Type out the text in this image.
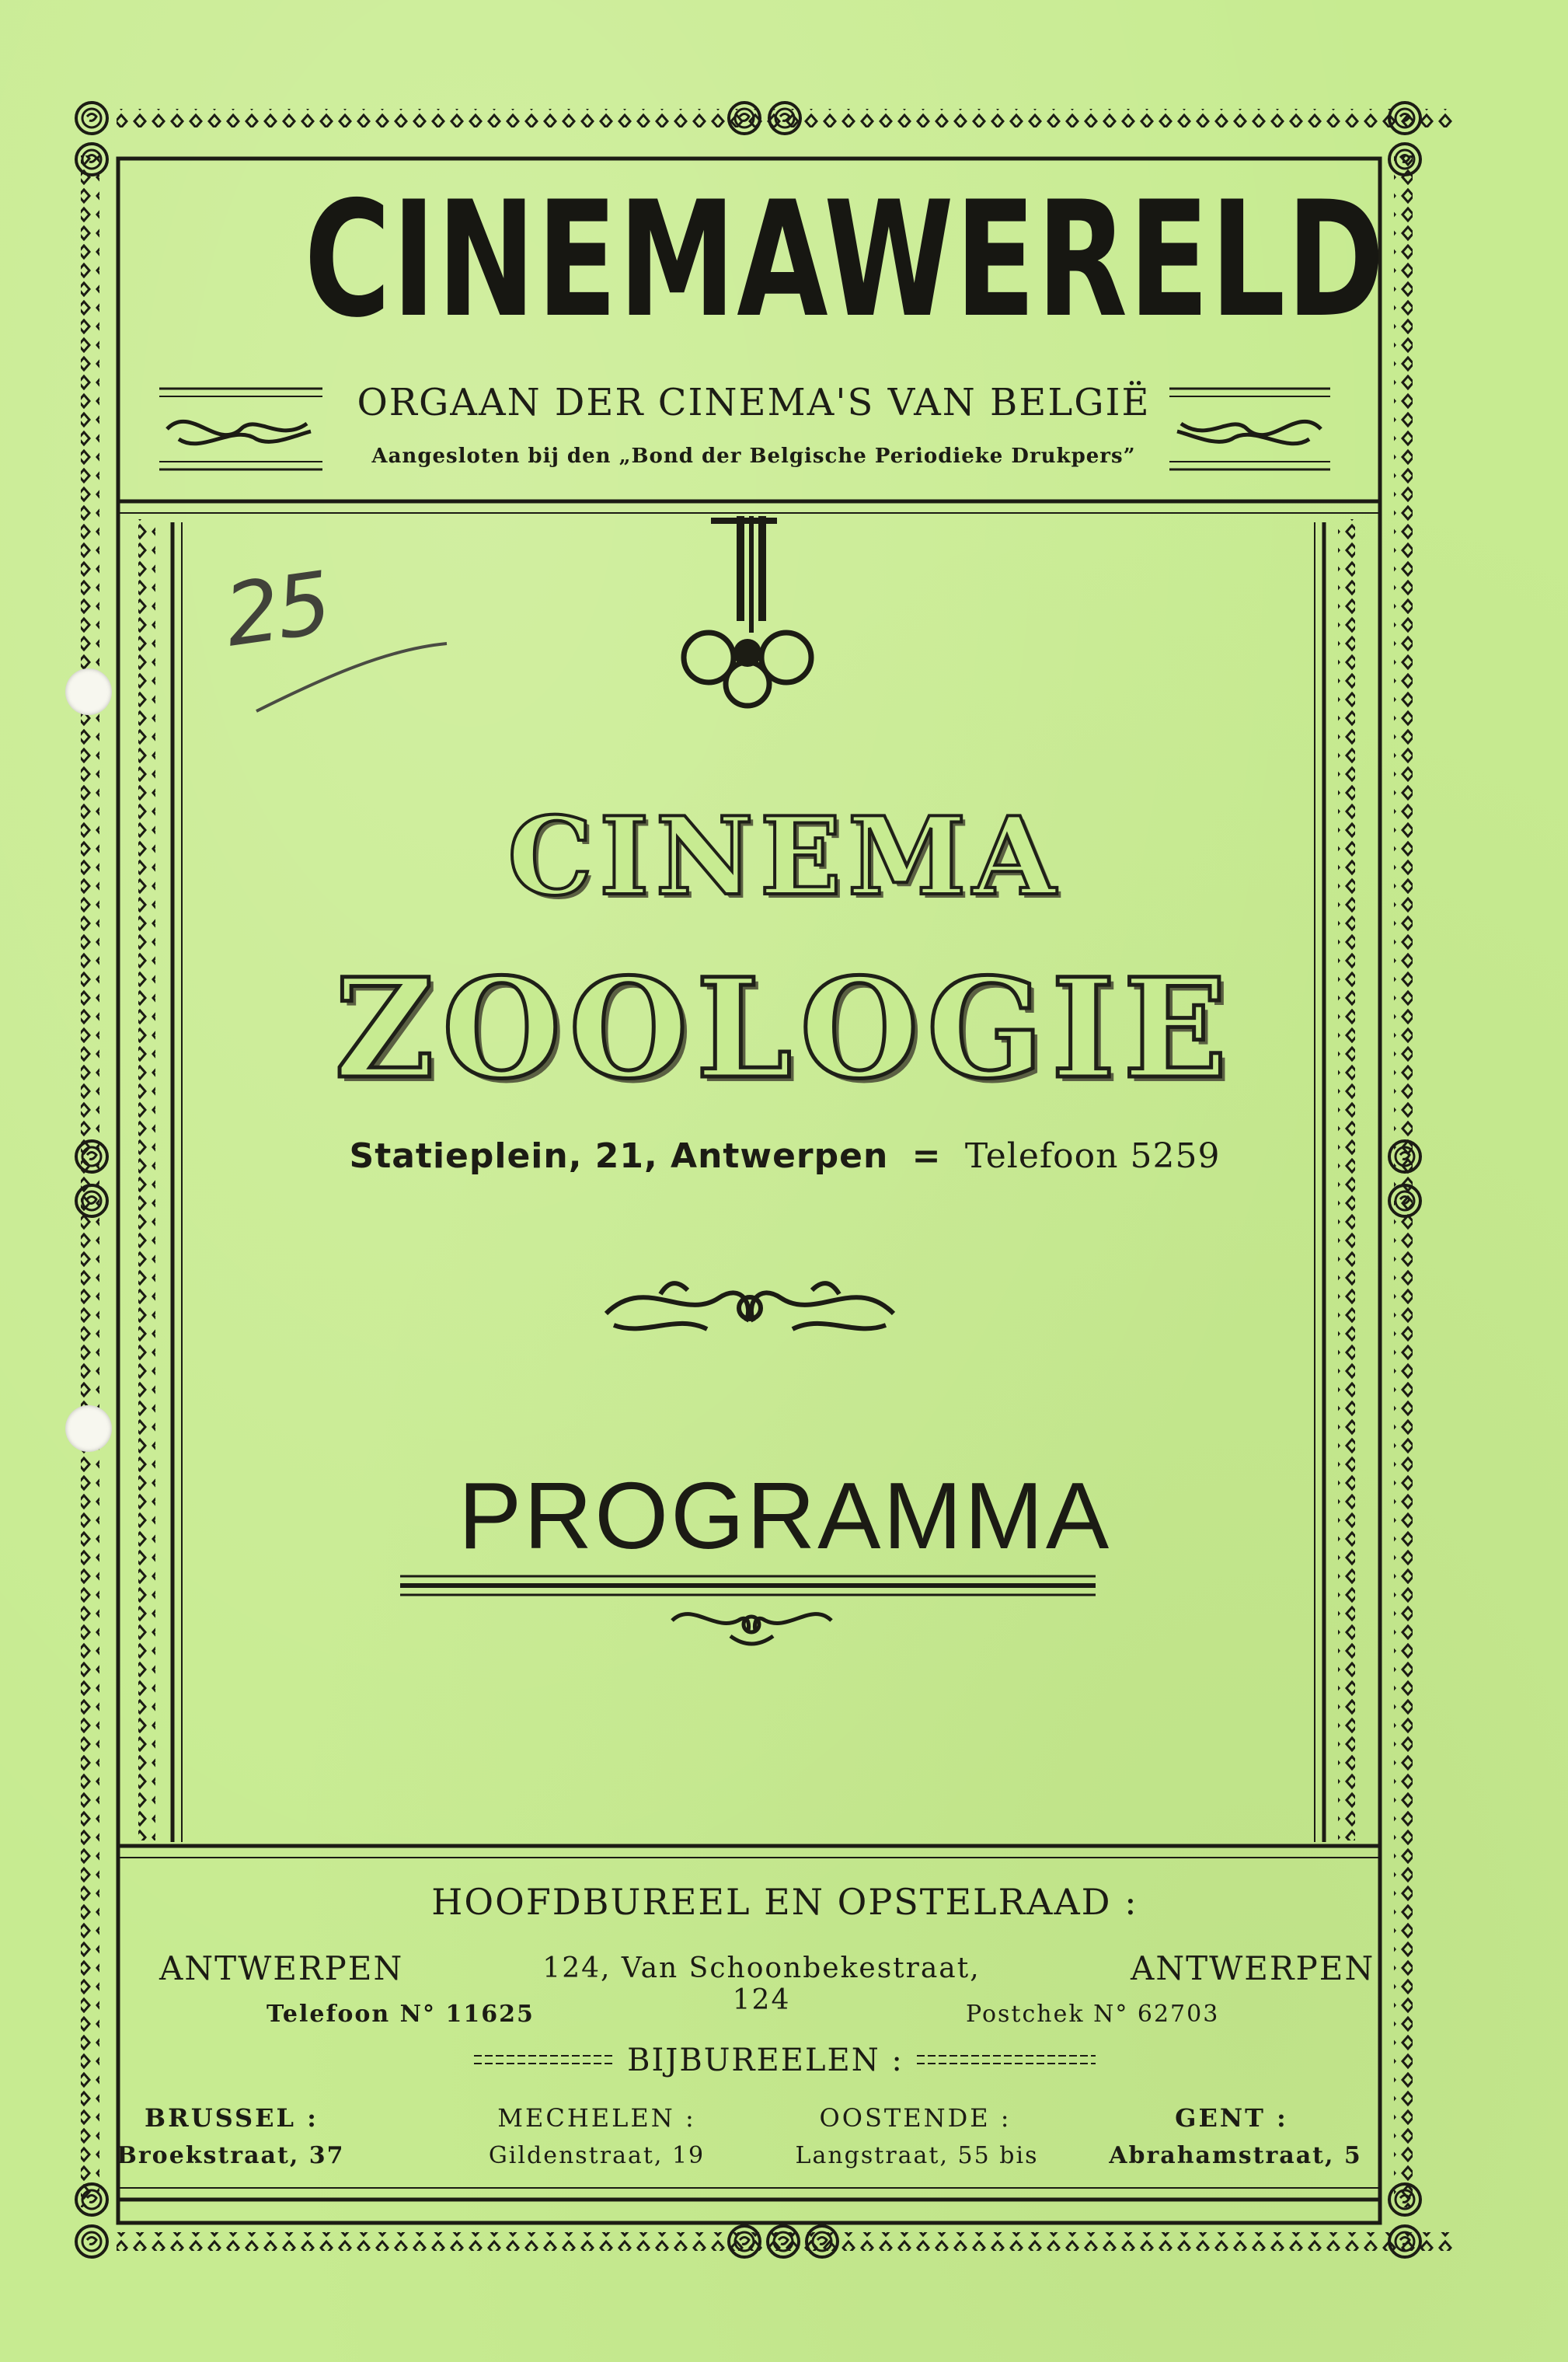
CINEMAWERELD
ORGAAN DER CINEMA'S VAN BELGIË
Aangesloten bij den „Bond der Belgische Periodieke Drukpers”
25
CINEMA
ZOOLOGIE
Statieplein, 21, Antwerpen = Telefoon 5259
PROGRAMMA
HOOFDBUREEL EN OPSTELRAAD :
ANTWERPEN	124, Van Schoonbekestraat, 124
ANTWERPEN
Telefoon N° 11625	Postchek N° 62703
BIJBUREELEN :
BRUSSEL :
Broekstraat, 37
MECHELEN :
Gildenstraat, 19
OOSTENDE :
Langstraat, 55 bis
GENT :
Abrahamstraat, 5
